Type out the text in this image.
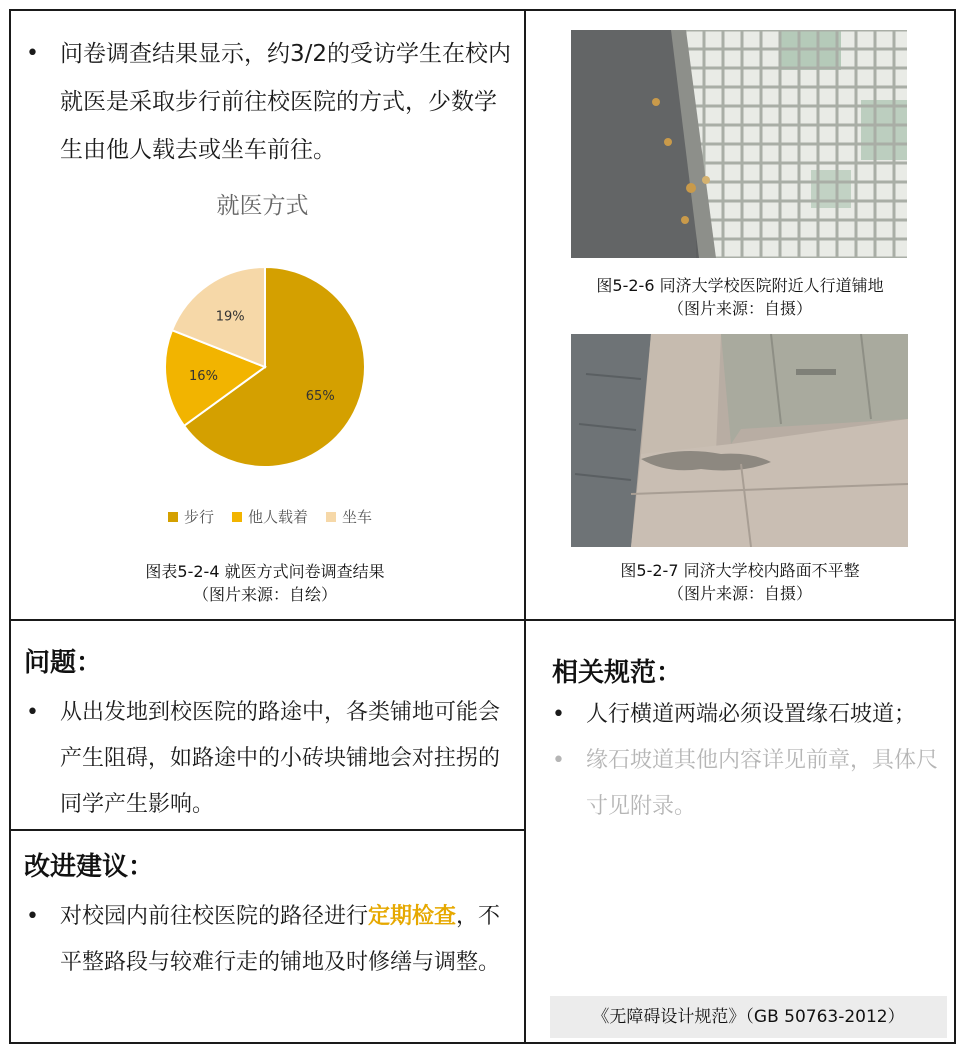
• 问卷调查结果显示，约3/2的受访学生在校内就医是采取步行前往校医院的方式，少数学生由他人载去或坐车前往。
就医方式
65%
16%
19%
步行 他人载着 坐车
图表5-2-4 就医方式问卷调查结果
（图片来源：自绘）
图5-2-6 同济大学校医院附近人行道铺地
（图片来源：自摄）
图5-2-7 同济大学校内路面不平整
（图片来源：自摄）
问题：
• 从出发地到校医院的路途中，各类铺地可能会产生阻碍，如路途中的小砖块铺地会对拄拐的同学产生影响。
改进建议：
• 对校园内前往校医院的路径进行定期检查，不平整路段与较难行走的铺地及时修缮与调整。
相关规范：
• 人行横道两端必须设置缘石坡道；
• 缘石坡道其他内容详见前章，具体尺寸见附录。
《无障碍设计规范》（GB 50763-2012）
